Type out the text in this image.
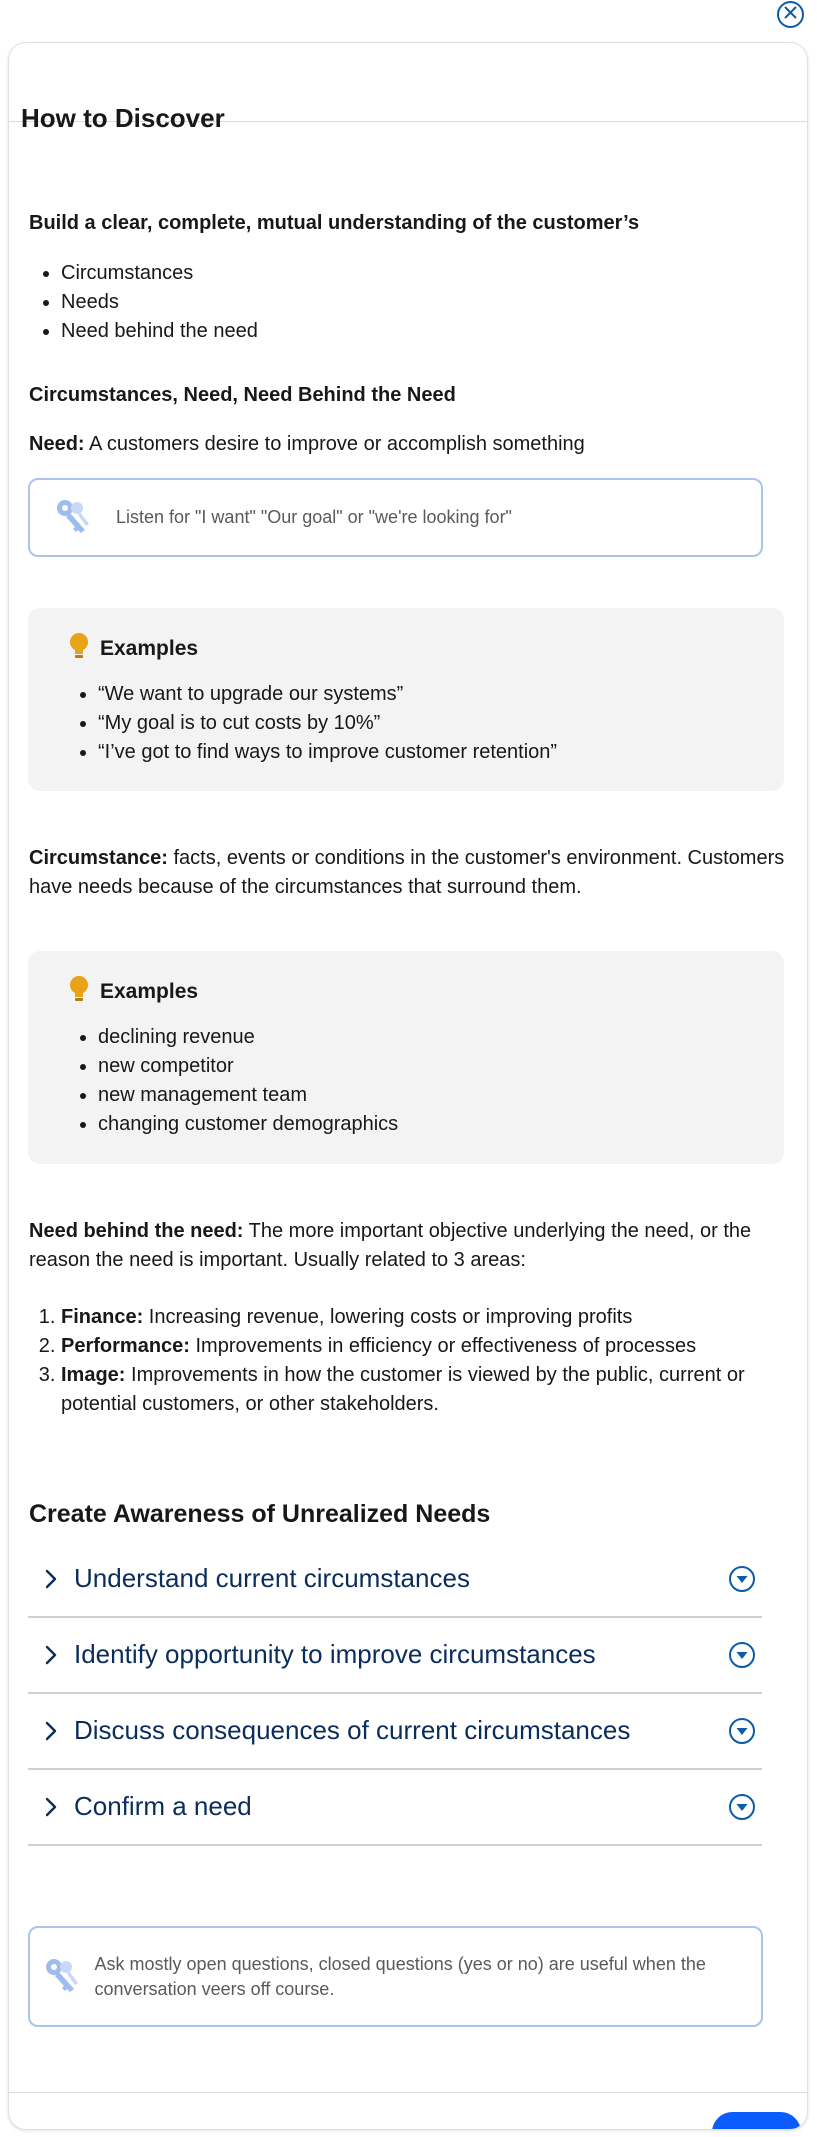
How to Discover
Build a clear, complete, mutual understanding of the customer’s
• Circumstances
• Needs
• Need behind the need
Circumstances, Need, Need Behind the Need
Need: A customers desire to improve or accomplish something
Listen for "I want" "Our goal" or "we're looking for"
Examples
• “We want to upgrade our systems”
• “My goal is to cut costs by 10%”
• “I’ve got to find ways to improve customer retention”
Circumstance: facts, events or conditions in the customer's environment. Customers have needs because of the circumstances that surround them.
Examples
• declining revenue
• new competitor
• new management team
• changing customer demographics
Need behind the need: The more important objective underlying the need, or the reason the need is important. Usually related to 3 areas:
1. Finance: Increasing revenue, lowering costs or improving profits
2. Performance: Improvements in efficiency or effectiveness of processes
3. Image: Improvements in how the customer is viewed by the public, current or potential customers, or other stakeholders.
Create Awareness of Unrealized Needs
Understand current circumstances
Identify opportunity to improve circumstances
Discuss consequences of current circumstances
Confirm a need
Ask mostly open questions, closed questions (yes or no) are useful when the conversation veers off course.
